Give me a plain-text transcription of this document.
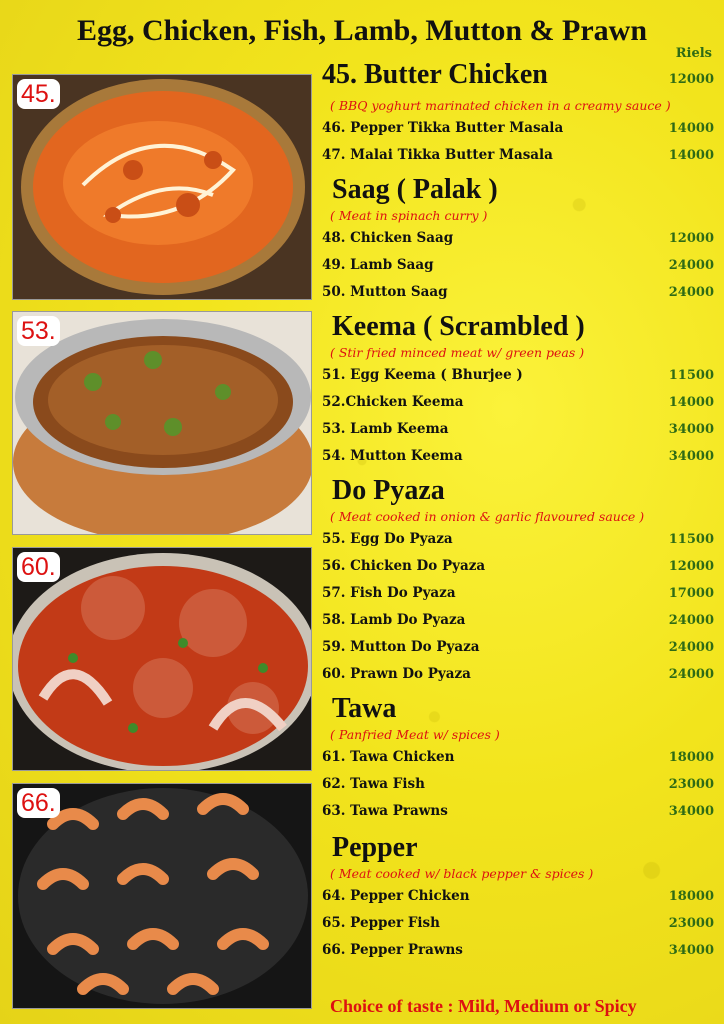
Egg, Chicken, Fish, Lamb, Mutton & Prawn
Riels
45.
53.
60.
66.
45. Butter Chicken	12000
( BBQ yoghurt marinated chicken in a creamy sauce )
46. Pepper Tikka Butter Masala	14000
47. Malai Tikka Butter Masala	14000
Saag ( Palak )
( Meat in spinach curry )
48. Chicken Saag	12000
49. Lamb Saag	24000
50. Mutton Saag	24000
Keema ( Scrambled )
( Stir fried minced meat w/ green peas )
51. Egg Keema ( Bhurjee )	11500
52.Chicken Keema	14000
53. Lamb Keema	34000
54. Mutton Keema	34000
Do Pyaza
( Meat cooked in onion & garlic flavoured sauce )
55. Egg Do Pyaza	11500
56. Chicken Do Pyaza	12000
57. Fish Do Pyaza	17000
58. Lamb Do Pyaza	24000
59. Mutton Do Pyaza	24000
60. Prawn Do Pyaza	24000
Tawa
( Panfried Meat w/ spices )
61. Tawa Chicken	18000
62. Tawa Fish	23000
63. Tawa Prawns	34000
Pepper
( Meat cooked w/ black pepper & spices )
64. Pepper Chicken	18000
65. Pepper Fish	23000
66. Pepper Prawns	34000
Choice of taste : Mild, Medium or Spicy
